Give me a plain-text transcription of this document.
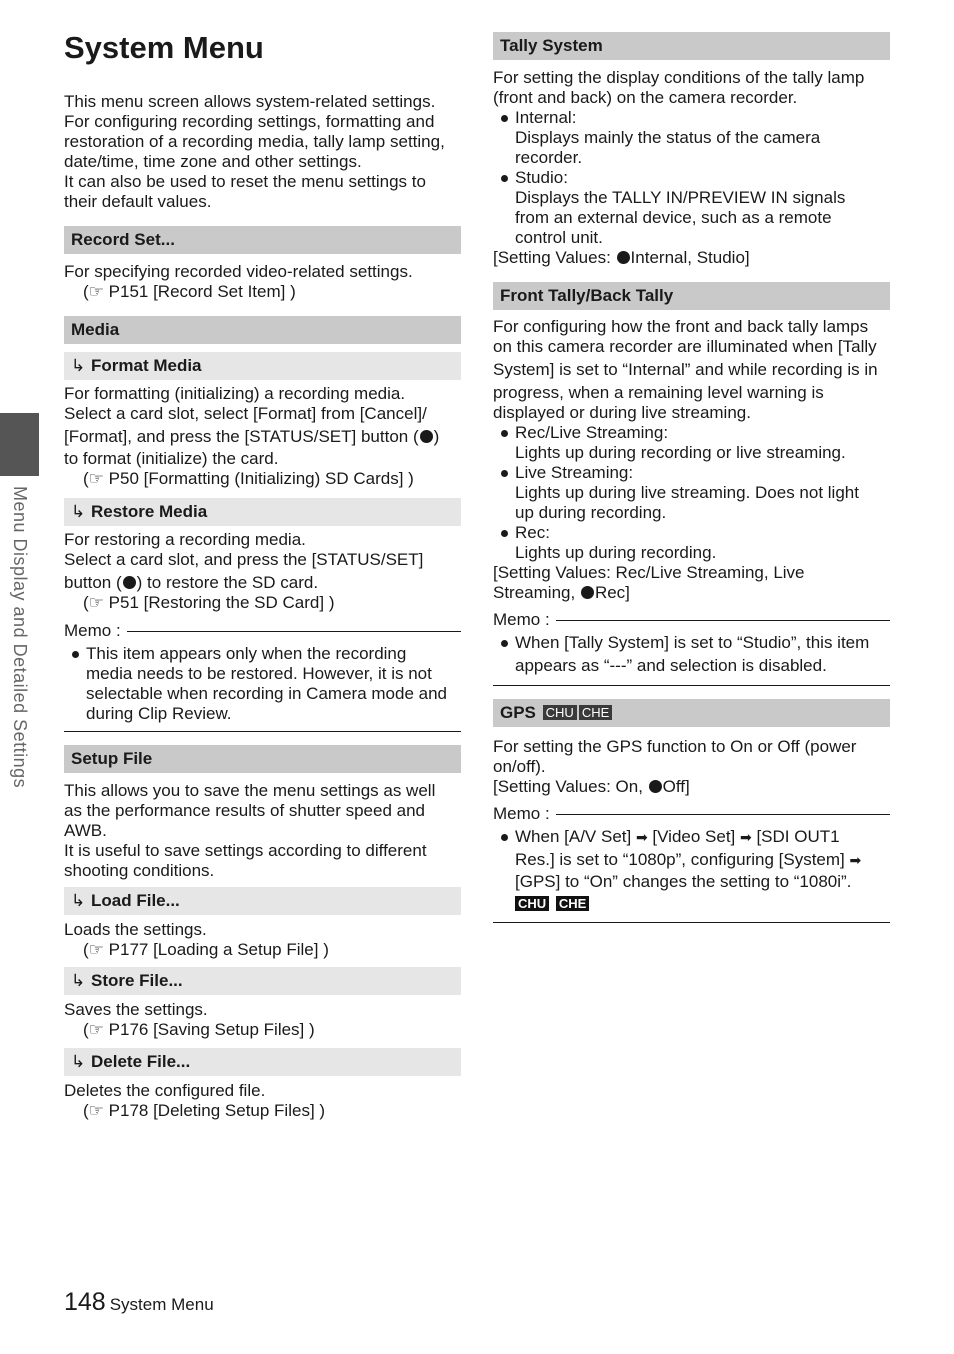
Menu Display and Detailed Settings
System Menu
This menu screen allows system-related settings.
For configuring recording settings, formatting and
restoration of a recording media, tally lamp setting,
date/time, time zone and other settings.
It can also be used to reset the menu settings to
their default values.
Record Set...
For specifying recorded video-related settings.
(☞ P151 [Record Set Item] )
Media
↳ Format Media
For formatting (initializing) a recording media.
Select a card slot, select [Format] from [Cancel]/
[Format], and press the [STATUS/SET] button ( )
to format (initialize) the card.
(☞ P50 [Formatting (Initializing) SD Cards] )
↳ Restore Media
For restoring a recording media.
Select a card slot, and press the [STATUS/SET]
button ( ) to restore the SD card.
(☞ P51 [Restoring the SD Card] )
Memo :
This item appears only when the recording
media needs to be restored. However, it is not
selectable when recording in Camera mode and
during Clip Review.
Setup File
This allows you to save the menu settings as well
as the performance results of shutter speed and
AWB.
It is useful to save settings according to different
shooting conditions.
↳ Load File...
Loads the settings.
(☞ P177 [Loading a Setup File] )
↳ Store File...
Saves the settings.
(☞ P176 [Saving Setup Files] )
↳ Delete File...
Deletes the configured file.
(☞ P178 [Deleting Setup Files] )
Tally System
For setting the display conditions of the tally lamp
(front and back) on the camera recorder.
Internal:
Displays mainly the status of the camera
recorder.
Studio:
Displays the TALLY IN/PREVIEW IN signals
from an external device, such as a remote
control unit.
[Setting Values: Internal, Studio]
Front Tally/Back Tally
For configuring how the front and back tally lamps
on this camera recorder are illuminated when [Tally
System] is set to “Internal” and while recording is in
progress, when a remaining level warning is
displayed or during live streaming.
Rec/Live Streaming:
Lights up during recording or live streaming.
Live Streaming:
Lights up during live streaming. Does not light
up during recording.
Rec:
Lights up during recording.
[Setting Values: Rec/Live Streaming, Live
Streaming, Rec]
Memo :
When [Tally System] is set to “Studio”, this item
appears as “---” and selection is disabled.
GPS CHU CHE
For setting the GPS function to On or Off (power
on/off).
[Setting Values: On, Off]
Memo :
When [A/V Set] ➡ [Video Set] ➡ [SDI OUT1
Res.] is set to “1080p”, configuring [System] ➡
[GPS] to “On” changes the setting to “1080i”.
CHU CHE
148 System Menu
